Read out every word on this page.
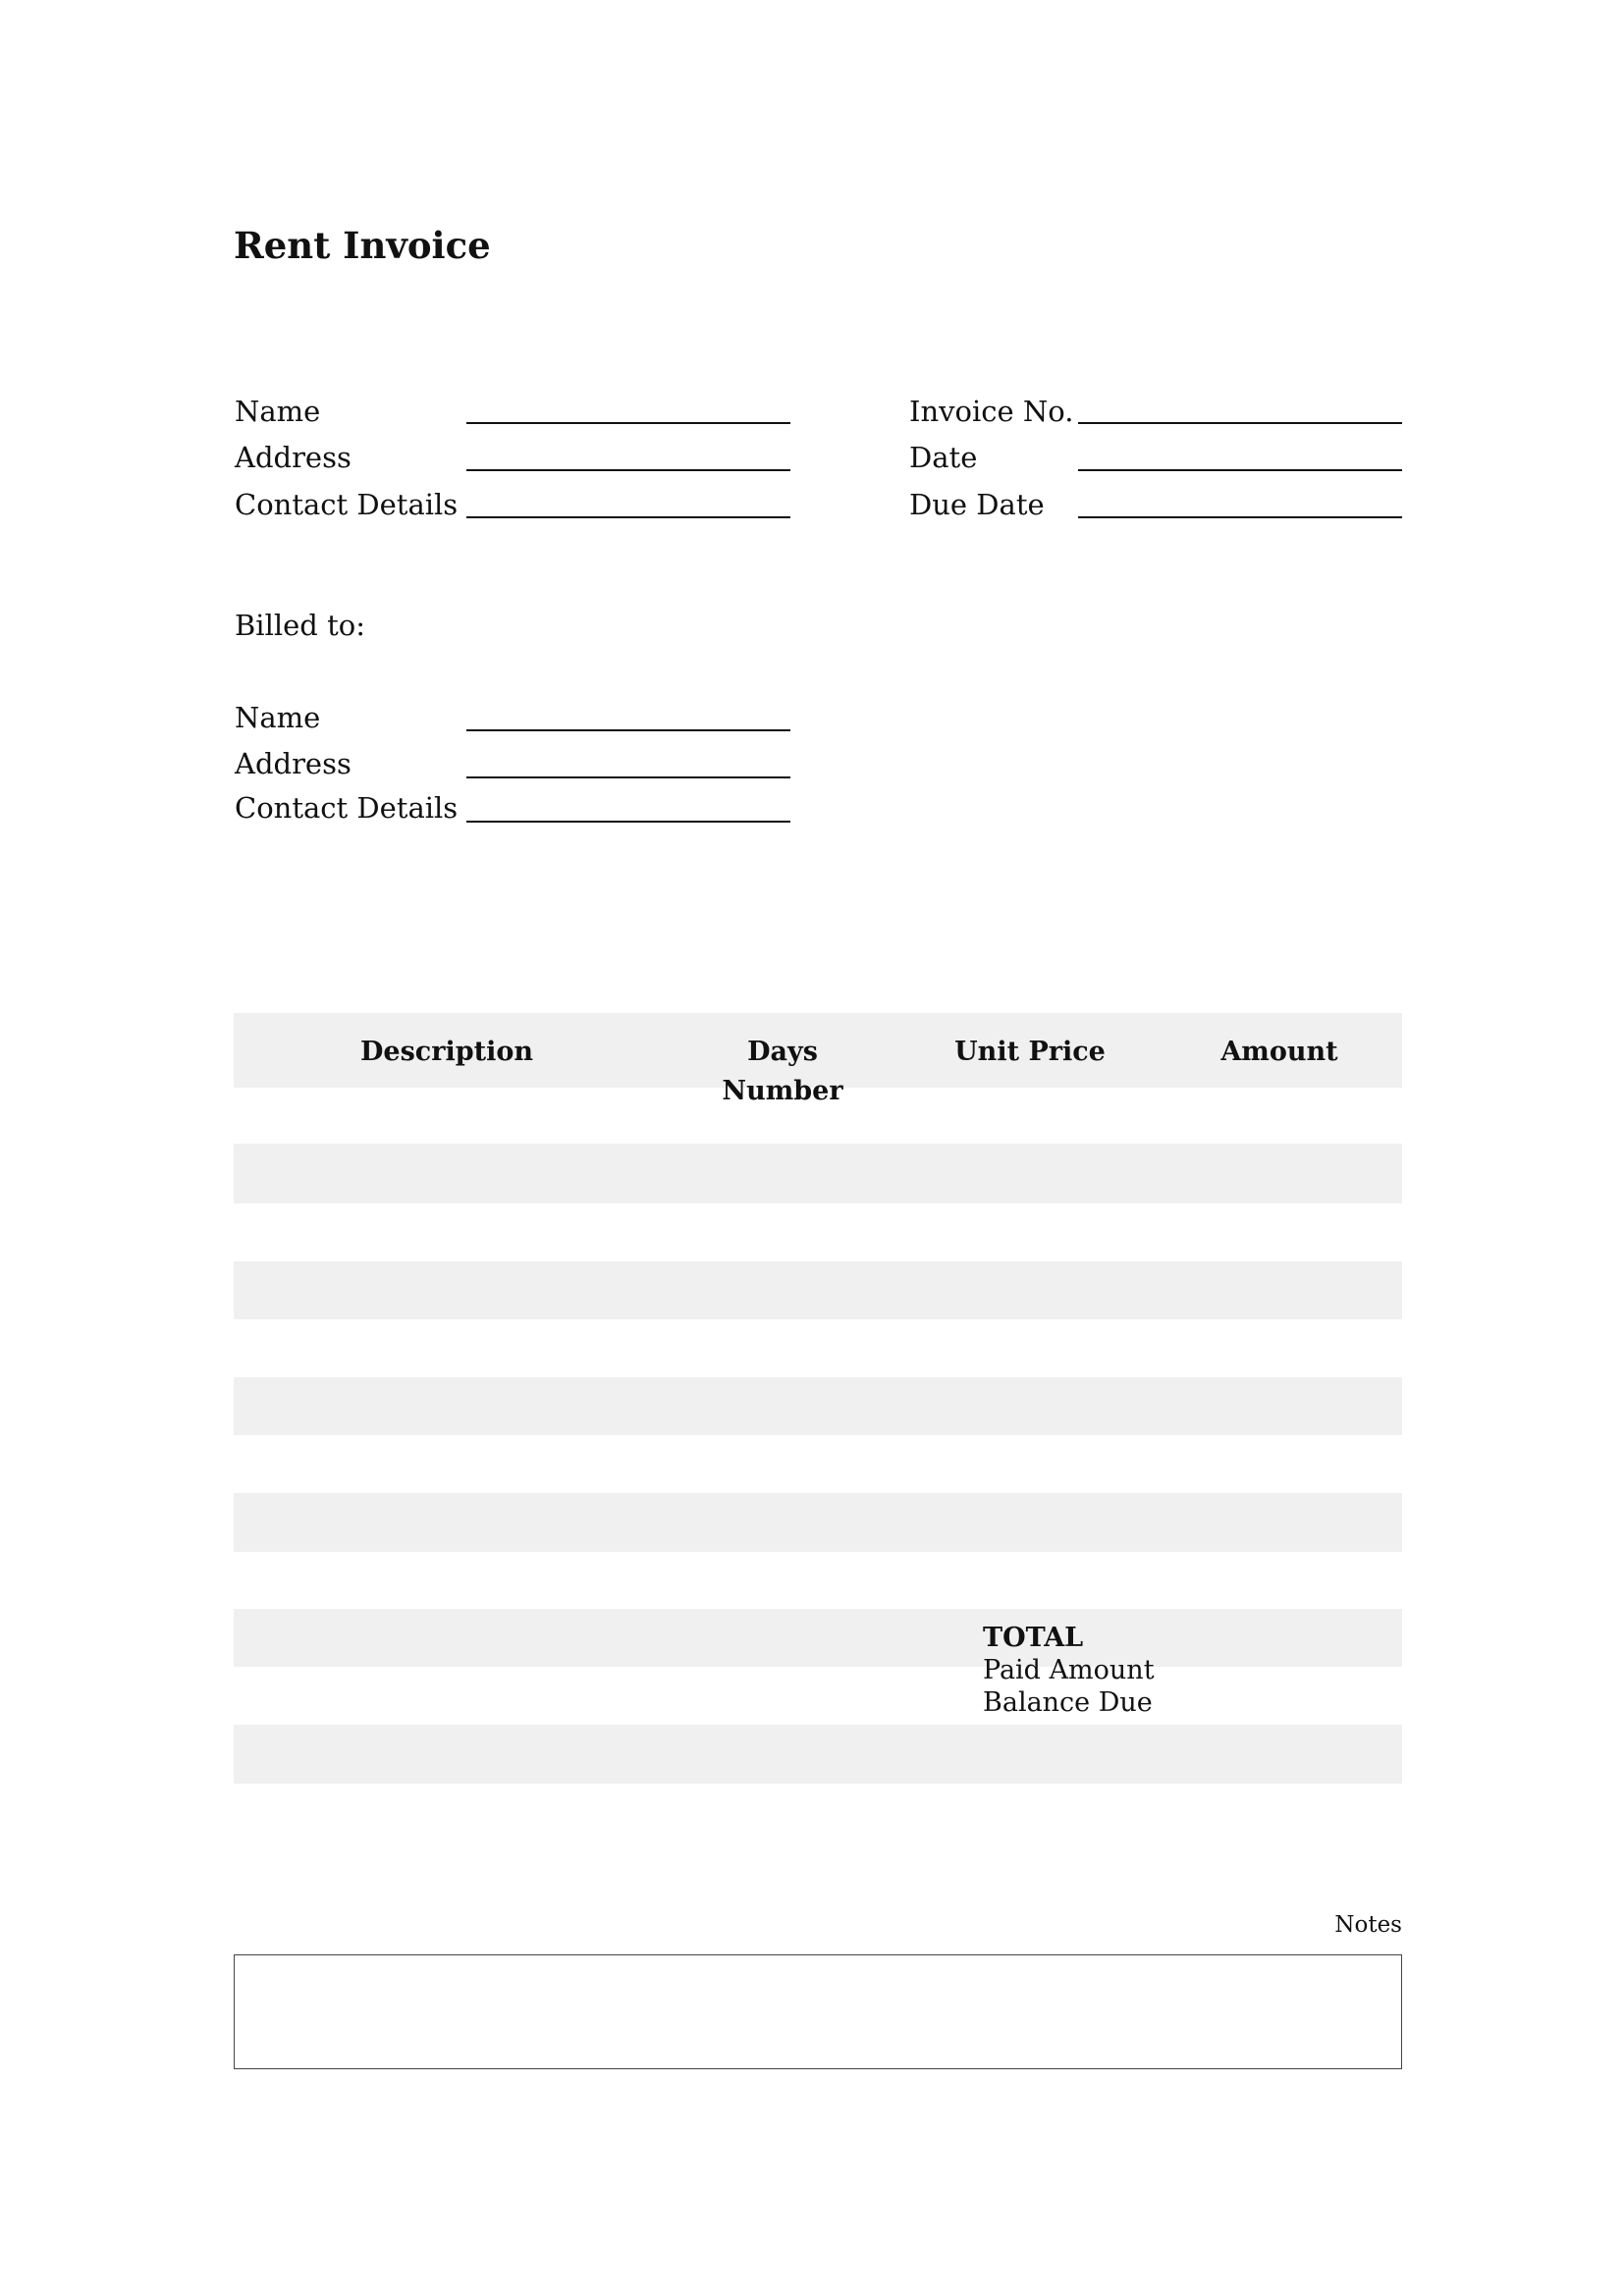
Rent Invoice
Name
Address
Contact Details
Invoice No.
Date
Due Date
Billed to:
Name
Address
Contact Details
Description	Days Number
Unit Price	Amount
TOTAL
Paid Amount
Balance Due
Notes
